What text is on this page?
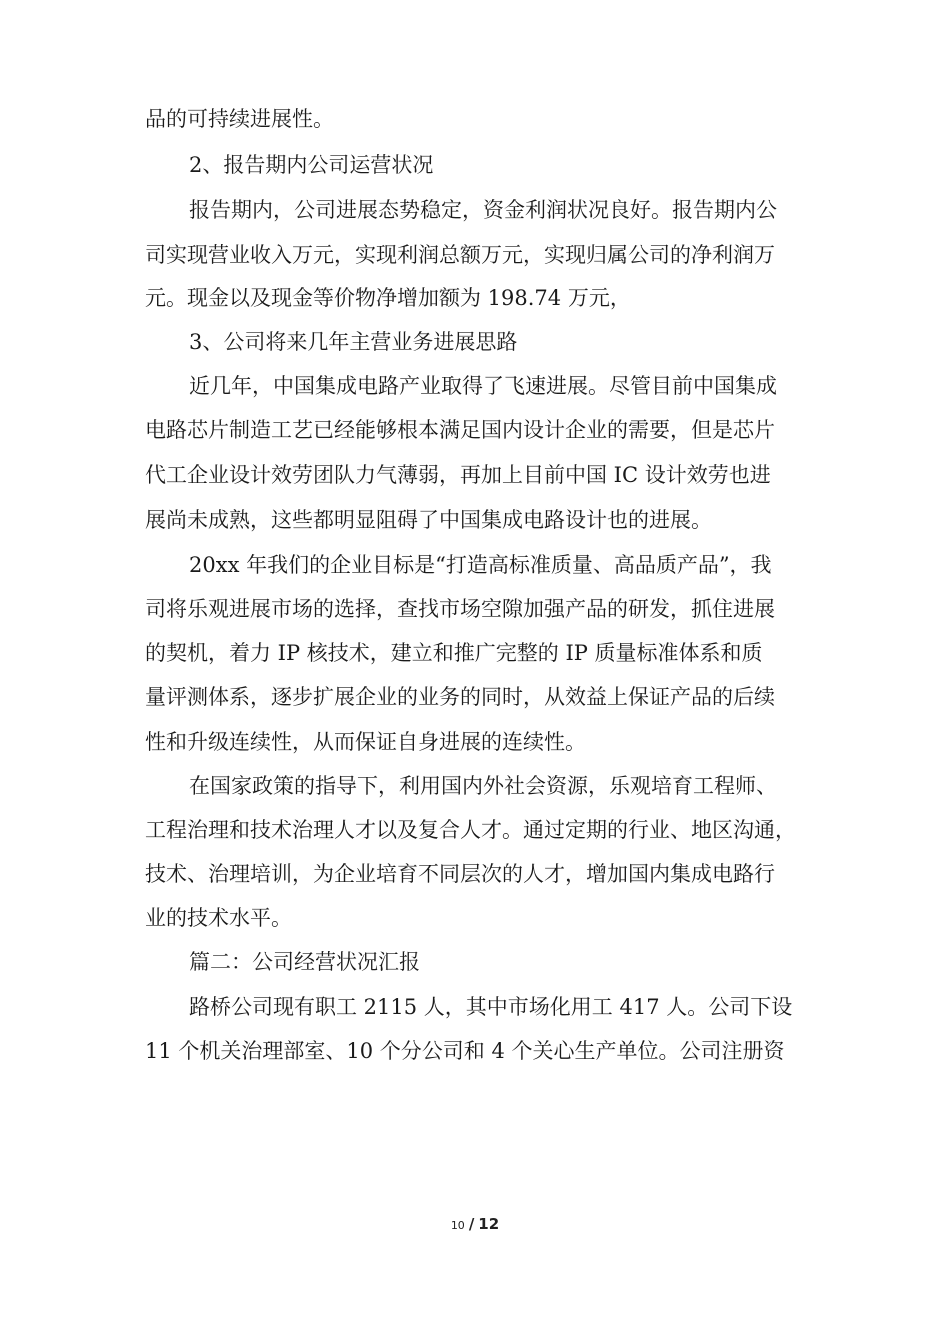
品的可持续进展性。
2、报告期内公司运营状况
报告期内，公司进展态势稳定，资金利润状况良好。报告期内公
司实现营业收入万元，实现利润总额万元，实现归属公司的净利润万
元。现金以及现金等价物净增加额为 198.74 万元，
3、公司将来几年主营业务进展思路
近几年，中国集成电路产业取得了飞速进展。尽管目前中国集成
电路芯片制造工艺已经能够根本满足国内设计企业的需要，但是芯片
代工企业设计效劳团队力气薄弱，再加上目前中国 IC 设计效劳也进
展尚未成熟，这些都明显阻碍了中国集成电路设计也的进展。
20xx 年我们的企业目标是“打造高标准质量、高品质产品”，我
司将乐观进展市场的选择，查找市场空隙加强产品的研发，抓住进展
的契机，着力 IP 核技术，建立和推广完整的 IP 质量标准体系和质
量评测体系，逐步扩展企业的业务的同时，从效益上保证产品的后续
性和升级连续性，从而保证自身进展的连续性。
在国家政策的指导下，利用国内外社会资源，乐观培育工程师、
工程治理和技术治理人才以及复合人才。通过定期的行业、地区沟通，
技术、治理培训，为企业培育不同层次的人才，增加国内集成电路行
业的技术水平。
篇二：公司经营状况汇报
路桥公司现有职工 2115 人，其中市场化用工 417 人。公司下设
11 个机关治理部室、10 个分公司和 4 个关心生产单位。公司注册资
10 / 12
